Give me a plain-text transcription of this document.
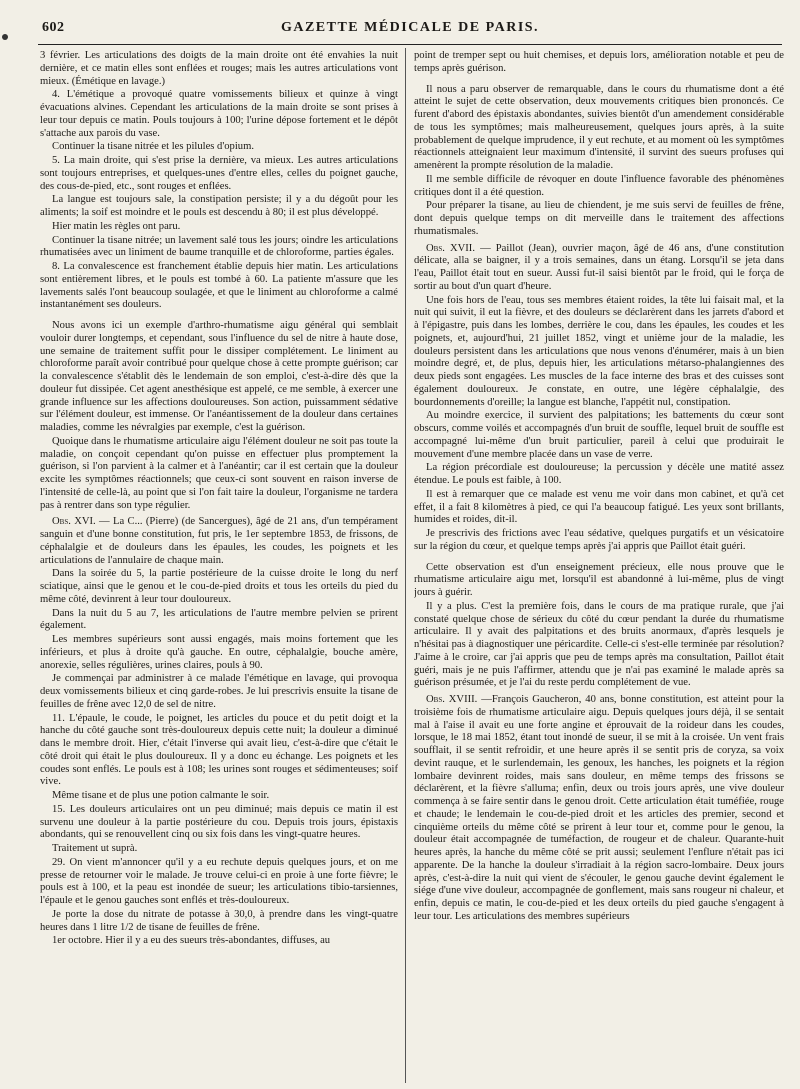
602	GAZETTE MÉDICALE DE PARIS.

3 février. Les articulations des doigts de la main droite ont été envahies la nuit dernière, et ce matin elles sont enflées et rouges; mais les autres articulations vont mieux. (Émétique en lavage.)

4. L'émétique a provoqué quatre vomissements bilieux et quinze à vingt évacuations alvines. Cependant les articulations de la main droite se sont prises à leur tour depuis ce matin. Pouls toujours à 100; l'urine dépose fortement et le dépôt s'attache aux parois du vase.

Continuer la tisane nitrée et les pilules d'opium.

5. La main droite, qui s'est prise la dernière, va mieux. Les autres articulations sont toujours entreprises, et quelques-unes d'entre elles, celles du poignet gauche, des cous-de-pied, etc., sont rouges et enflées.

La langue est toujours sale, la constipation persiste; il y a du dégoût pour les aliments; la soif est moindre et le pouls est descendu à 80; il est plus développé.

Hier matin les règles ont paru.

Continuer la tisane nitrée; un lavement salé tous les jours; oindre les articulations rhumatisées avec un liniment de baume tranquille et de chloroforme, parties égales.

8. La convalescence est franchement établie depuis hier matin. Les articulations sont entièrement libres, et le pouls est tombé à 60. La patiente m'assure que les lavements salés l'ont beaucoup soulagée, et que le liniment au chloroforme a calmé instantanément ses douleurs.

Nous avons ici un exemple d'arthro-rhumatisme aigu général qui semblait vouloir durer longtemps, et cependant, sous l'influence du sel de nitre à haute dose, une semaine de traitement suffit pour le dissiper complétement. Le liniment au chloroforme paraît avoir contribué pour quelque chose à cette prompte guérison; car la convalescence s'établit dès le lendemain de son emploi, c'est-à-dire dès que la douleur fut dissipée. Cet agent anesthésique est appelé, ce me semble, à exercer une grande influence sur les affections douloureuses. Son action, puissamment sédative sur l'élément douleur, est immense. Or l'anéantissement de la douleur dans certaines maladies, comme les névralgies par exemple, c'est la guérison.

Quoique dans le rhumatisme articulaire aigu l'élément douleur ne soit pas toute la maladie, on conçoit cependant qu'on puisse en effectuer plus promptement la guérison, si l'on parvient à la calmer et à l'anéantir; car il est certain que la douleur excite les symptômes réactionnels; que ceux-ci sont souvent en raison inverse de l'intensité de celle-là, au point que si l'on fait taire la douleur, l'organisme ne tardera pas à rentrer dans son type régulier.

Obs. XVI. — La C... (Pierre) (de Sancergues), âgé de 21 ans, d'un tempérament sanguin et d'une bonne constitution, fut pris, le 1er septembre 1853, de frissons, de céphalalgie et de douleurs dans les épaules, les coudes, les poignets et les articulations de l'annulaire de chaque main.

Dans la soirée du 5, la partie postérieure de la cuisse droite le long du nerf sciatique, ainsi que le genou et le cou-de-pied droits et tous les orteils du pied du même côté, devinrent à leur tour douloureux.

Dans la nuit du 5 au 7, les articulations de l'autre membre pelvien se prirent également.

Les membres supérieurs sont aussi engagés, mais moins fortement que les inférieurs, et plus à droite qu'à gauche. En outre, céphalalgie, bouche amère, anorexie, selles régulières, urines claires, pouls à 90.

Je commençai par administrer à ce malade l'émétique en lavage, qui provoqua deux vomissements bilieux et cinq garde-robes. Je lui prescrivis ensuite la tisane de feuilles de frêne avec 12,0 de sel de nitre.

11. L'épaule, le coude, le poignet, les articles du pouce et du petit doigt et la hanche du côté gauche sont très-douloureux depuis cette nuit; la douleur a diminué dans le membre droit. Hier, c'était l'inverse qui avait lieu, c'est-à-dire que c'était le côté droit qui était le plus douloureux. Il y a donc eu échange. Les poignets et les coudes sont enflés. Le pouls est à 108; les urines sont rouges et sédimenteuses; soif vive.

Même tisane et de plus une potion calmante le soir.

15. Les douleurs articulaires ont un peu diminué; mais depuis ce matin il est survenu une douleur à la partie postérieure du cou. Depuis trois jours, épistaxis abondants, qui se renouvellent cinq ou six fois dans les vingt-quatre heures.

Traitement ut suprà.

29. On vient m'annoncer qu'il y a eu rechute depuis quelques jours, et on me presse de retourner voir le malade. Je trouve celui-ci en proie à une forte fièvre; le pouls est à 100, et la peau est inondée de sueur; les articulations tibio-tarsiennes, l'épaule et le genou gauches sont enflés et très-douloureux.

Je porte la dose du nitrate de potasse à 30,0, à prendre dans les vingt-quatre heures dans 1 litre 1/2 de tisane de feuilles de frêne.

1er octobre. Hier il y a eu des sueurs très-abondantes, diffuses, au

point de tremper sept ou huit chemises, et depuis lors, amélioration notable et peu de temps après guérison.

Il nous a paru observer de remarquable, dans le cours du rhumatisme dont a été atteint le sujet de cette observation, deux mouvements critiques bien prononcés. Ce furent d'abord des épistaxis abondantes, suivies bientôt d'un amendement considérable de tous les symptômes; mais malheureusement, quelques jours après, à la suite probablement de quelque imprudence, il y eut rechute, et au moment où les symptômes réactionnels atteignaient leur maximum d'intensité, il survint des sueurs profuses qui amenèrent la prompte résolution de la maladie.

Il me semble difficile de révoquer en doute l'influence favorable des phénomènes critiques dont il a été question.

Pour préparer la tisane, au lieu de chiendent, je me suis servi de feuilles de frêne, dont depuis quelque temps on dit merveille dans le traitement des affections rhumatismales.

Obs. XVII. — Paillot (Jean), ouvrier maçon, âgé de 46 ans, d'une constitution délicate, alla se baigner, il y a trois semaines, dans un étang. Lorsqu'il se jeta dans l'eau, Paillot était tout en sueur. Aussi fut-il saisi bientôt par le froid, qui le força de sortir au bout d'un quart d'heure.

Une fois hors de l'eau, tous ses membres étaient roides, la tête lui faisait mal, et la nuit qui suivit, il eut la fièvre, et des douleurs se déclarèrent dans les jarrets d'abord et à l'épigastre, puis dans les lombes, derrière le cou, dans les épaules, les coudes et les poignets, et, aujourd'hui, 21 juillet 1852, vingt et unième jour de la maladie, les douleurs persistent dans les articulations que nous venons d'énumérer, mais à un bien moindre degré, et, de plus, depuis hier, les articulations métarso-phalangiennes des deux pieds sont engagées. Les muscles de la face interne des bras et des cuisses sont également douloureux. Je constate, en outre, une légère céphalalgie, des bourdonnements d'oreille; la langue est blanche, l'appétit nul, constipation.

Au moindre exercice, il survient des palpitations; les battements du cœur sont obscurs, comme voilés et accompagnés d'un bruit de souffle, lequel bruit de souffle est accompagné lui-même d'un bruit particulier, pareil à celui que produirait le mouvement d'une membre placée dans un vase de verre.

La région précordiale est douloureuse; la percussion y décèle une matité assez étendue. Le pouls est faible, à 100.

Il est à remarquer que ce malade est venu me voir dans mon cabinet, et qu'à cet effet, il a fait 8 kilomètres à pied, ce qui l'a beaucoup fatigué. Les yeux sont brillants, humides et roides, dit-il.

Je prescrivis des frictions avec l'eau sédative, quelques purgatifs et un vésicatoire sur la région du cœur, et quelque temps après j'ai appris que Paillot était guéri.

Cette observation est d'un enseignement précieux, elle nous prouve que le rhumatisme articulaire aigu met, lorsqu'il est abandonné à lui-même, plus de vingt jours à guérir.

Il y a plus. C'est la première fois, dans le cours de ma pratique rurale, que j'ai constaté quelque chose de sérieux du côté du cœur pendant la durée du rhumatisme articulaire. Il y avait des palpitations et des bruits anormaux, d'après lesquels je n'hésitai pas à diagnostiquer une péricardite. Celle-ci s'est-elle terminée par résolution? J'aime à le croire, car j'ai appris que peu de temps après ma consultation, Paillot était guéri, mais je ne puis l'affirmer, attendu que je n'ai pas examiné le malade après sa guérison présumée, et je l'ai du reste perdu complétement de vue.

Obs. XVIII. —François Gaucheron, 40 ans, bonne constitution, est atteint pour la troisième fois de rhumatisme articulaire aigu. Depuis quelques jours déjà, il se sentait mal à l'aise il avait eu une forte angine et éprouvait de la roideur dans les coudes, lorsque, le 18 mai 1852, étant tout inondé de sueur, il se mit à la croisée. Un vent frais soufflait, il se sentit refroidir, et une heure après il se sentit pris de coryza, sa voix devint rauque, et le surlendemain, les genoux, les hanches, les poignets et la région lombaire devinrent roides, mais sans douleur, en même temps des frissons se déclarèrent, et la fièvre s'alluma; enfin, deux ou trois jours après, une vive douleur commença à se faire sentir dans le genou droit. Cette articulation était tuméfiée, rouge et chaude; le lendemain le cou-de-pied droit et les articles des premier, second et cinquième orteils du même côté se prirent à leur tour et, comme pour le genou, la douleur était accompagnée de tuméfaction, de rougeur et de chaleur. Quarante-huit heures après, la hanche du même côté se prit aussi; seulement l'enflure n'était pas ici apparente. De la hanche la douleur s'irradiait à la région sacro-lombaire. Deux jours après, c'est-à-dire la nuit qui vient de s'écouler, le genou gauche devint également le siége d'une vive douleur, accompagnée de gonflement, mais sans rougeur ni chaleur, et enfin, depuis ce matin, le cou-de-pied et les deux orteils du pied gauche s'engagent à leur tour. Les articulations des membres supérieurs
